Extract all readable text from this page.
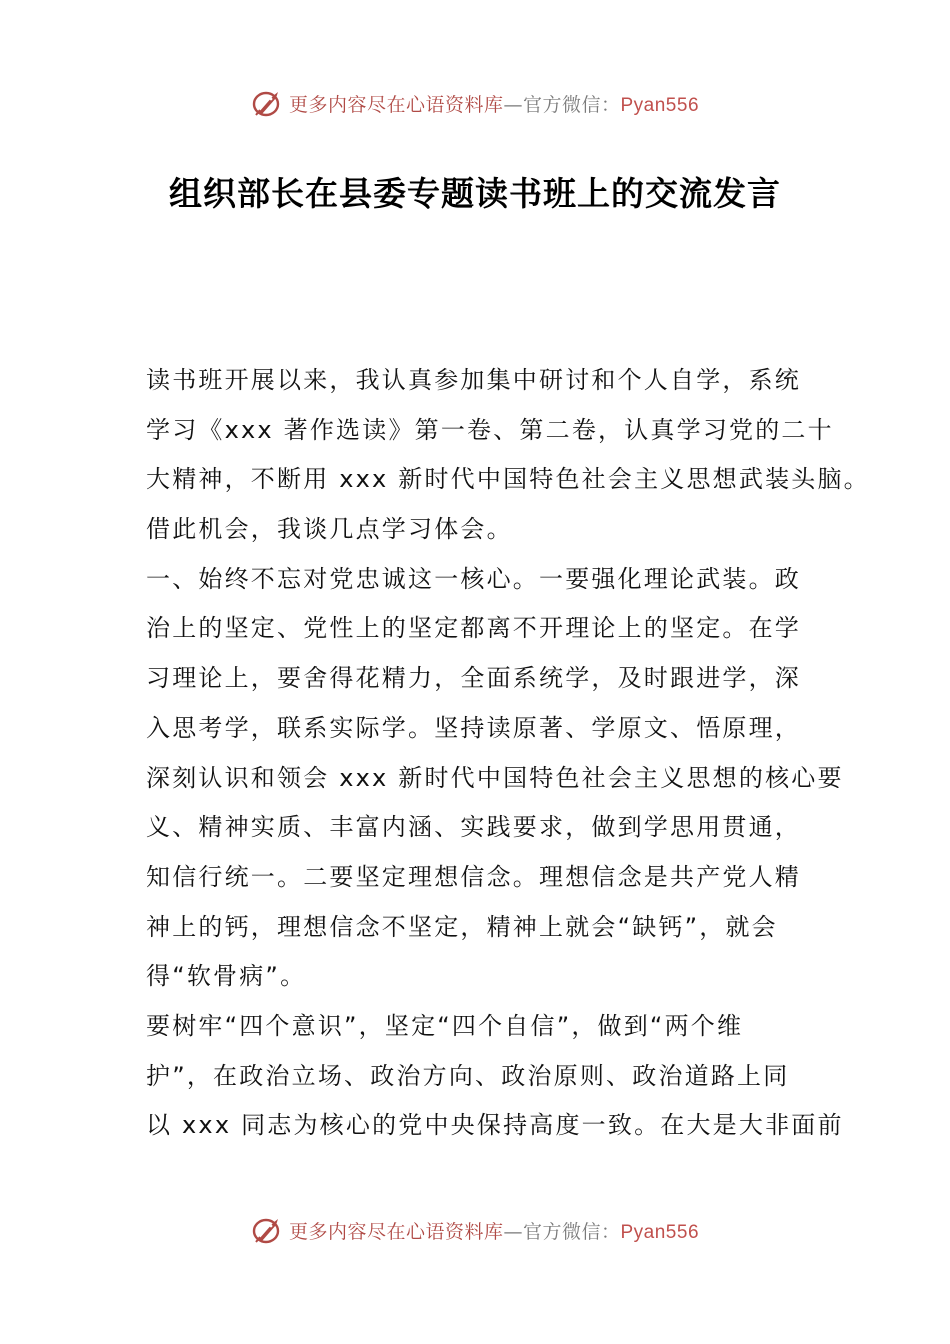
更多内容尽在心语资料库—官方微信：Pyan556
组织部长在县委专题读书班上的交流发言
读书班开展以来，我认真参加集中研讨和个人自学，系统
学习《xxx 著作选读》第一卷、第二卷，认真学习党的二十
大精神，不断用 xxx 新时代中国特色社会主义思想武装头脑。
借此机会，我谈几点学习体会。
一、始终不忘对党忠诚这一核心。一要强化理论武装。政
治上的坚定、党性上的坚定都离不开理论上的坚定。在学
习理论上，要舍得花精力，全面系统学，及时跟进学，深
入思考学，联系实际学。坚持读原著、学原文、悟原理，
深刻认识和领会 xxx 新时代中国特色社会主义思想的核心要
义、精神实质、丰富内涵、实践要求，做到学思用贯通，
知信行统一。二要坚定理想信念。理想信念是共产党人精
神上的钙，理想信念不坚定，精神上就会“缺钙”，就会
得“软骨病”。
要树牢“四个意识”，坚定“四个自信”，做到“两个维
护”，在政治立场、政治方向、政治原则、政治道路上同
以 xxx 同志为核心的党中央保持高度一致。在大是大非面前
更多内容尽在心语资料库—官方微信：Pyan556
